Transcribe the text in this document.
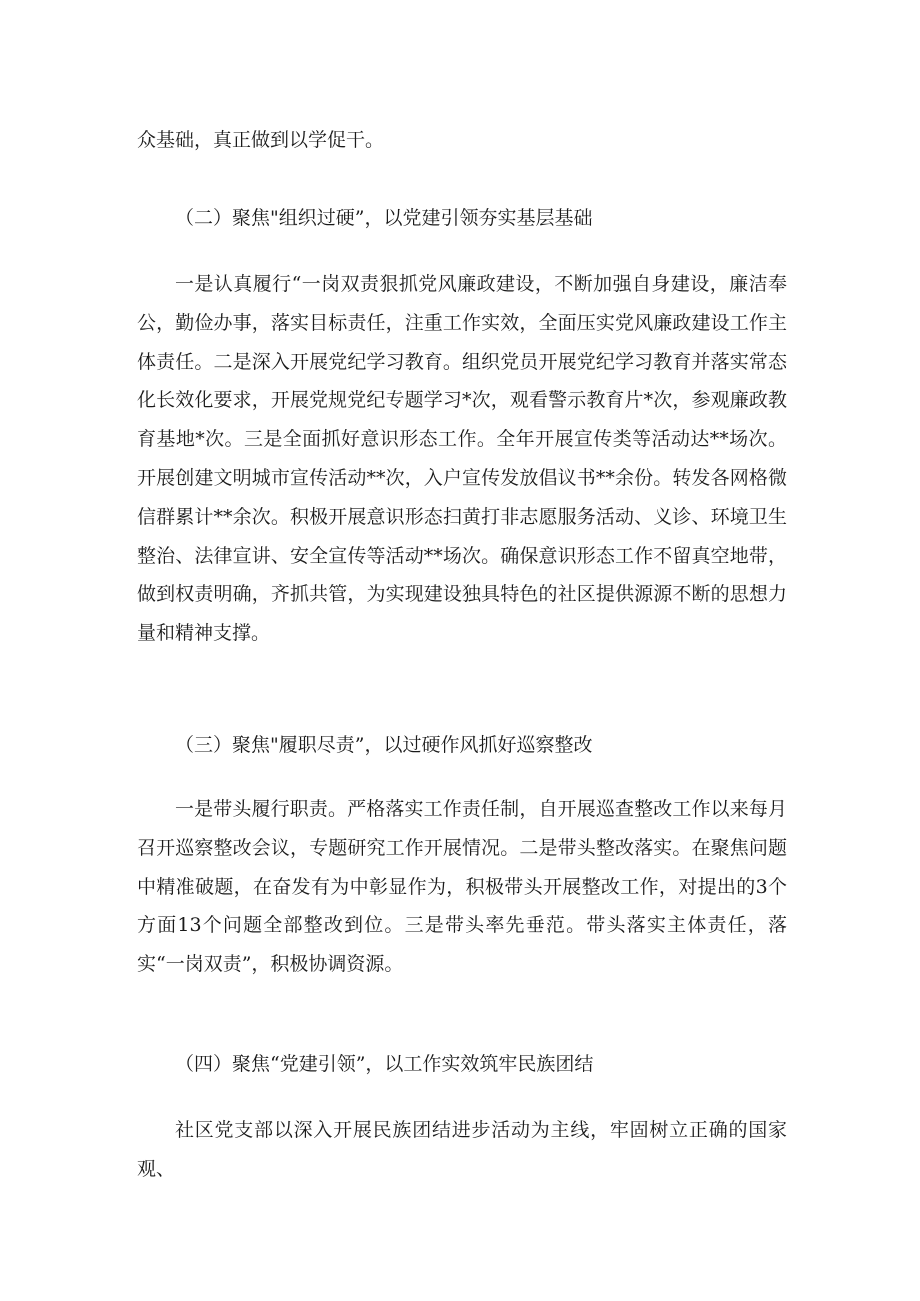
众基础，真正做到以学促干。

（二）聚焦"组织过硬”，以党建引领夯实基层基础

一是认真履行“一岗双责狠抓党风廉政建设，不断加强自身建设，廉洁奉公，勤俭办事，落实目标责任，注重工作实效，全面压实党风廉政建设工作主体责任。二是深入开展党纪学习教育。组织党员开展党纪学习教育并落实常态化长效化要求，开展党规党纪专题学习*次，观看警示教育片*次，参观廉政教育基地*次。三是全面抓好意识形态工作。全年开展宣传类等活动达**场次。开展创建文明城市宣传活动**次，入户宣传发放倡议书**余份。转发各网格微信群累计**余次。积极开展意识形态扫黄打非志愿服务活动、义诊、环境卫生整治、法律宣讲、安全宣传等活动**场次。确保意识形态工作不留真空地带，做到权责明确，齐抓共管，为实现建设独具特色的社区提供源源不断的思想力量和精神支撑。

（三）聚焦"履职尽责”，以过硬作风抓好巡察整改

一是带头履行职责。严格落实工作责任制，自开展巡查整改工作以来每月召开巡察整改会议，专题研究工作开展情况。二是带头整改落实。在聚焦问题中精准破题，在奋发有为中彰显作为，积极带头开展整改工作，对提出的3个方面13个问题全部整改到位。三是带头率先垂范。带头落实主体责任，落实“一岗双责”，积极协调资源。

（四）聚焦“党建引领”，以工作实效筑牢民族团结

社区党支部以深入开展民族团结进步活动为主线，牢固树立正确的国家观、
